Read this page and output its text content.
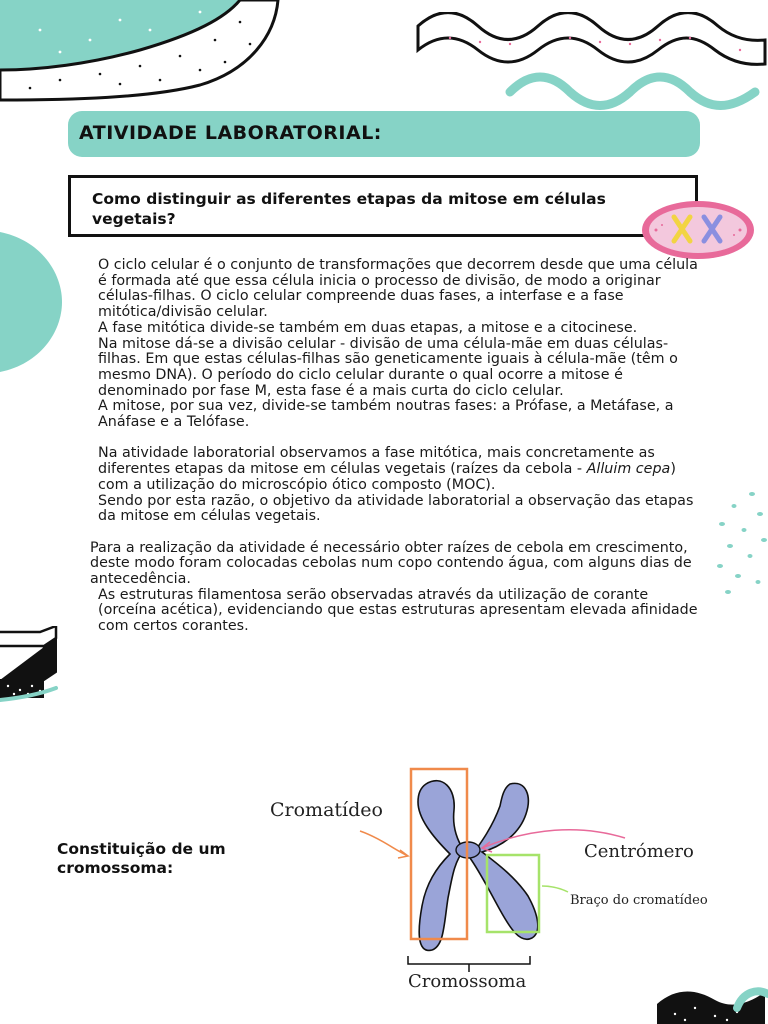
ATIVIDADE LABORATORIAL:
Como distinguir as diferentes etapas da mitose em células vegetais?

O ciclo celular é o conjunto de transformações que decorrem desde que uma célula é formada até que essa célula inicia o processo de divisão, de modo a originar células-filhas. O ciclo celular compreende duas fases, a interfase e a fase mitótica/divisão celular.

A fase mitótica divide-se também em duas etapas, a mitose e a citocinese.

Na mitose dá-se a divisão celular - divisão de uma célula-mãe em duas células-filhas. Em que estas células-filhas são geneticamente iguais à célula-mãe (têm o mesmo DNA). O período do ciclo celular durante o qual ocorre a mitose é denominado por fase M, esta fase é a mais curta do ciclo celular.

A mitose, por sua vez, divide-se também noutras fases: a Prófase, a Metáfase, a Anáfase e a Telófase.

Na atividade laboratorial observamos a fase mitótica, mais concretamente as diferentes etapas da mitose em células vegetais (raízes da cebola - Alluim cepa) com a utilização do microscópio ótico composto (MOC).

Sendo por esta razão, o objetivo da atividade laboratorial a observação das etapas da mitose em células vegetais.

Para a realização da atividade é necessário obter raízes de cebola em crescimento, deste modo foram colocadas cebolas num copo contendo água, com alguns dias de antecedência.

As estruturas filamentosa serão observadas através da utilização de corante (orceína acética), evidenciando que estas estruturas apresentam elevada afinidade com certos corantes.

Constituição de um cromossoma:
Cromatídeo
Centrómero
Braço do cromatídeo
Cromossoma
